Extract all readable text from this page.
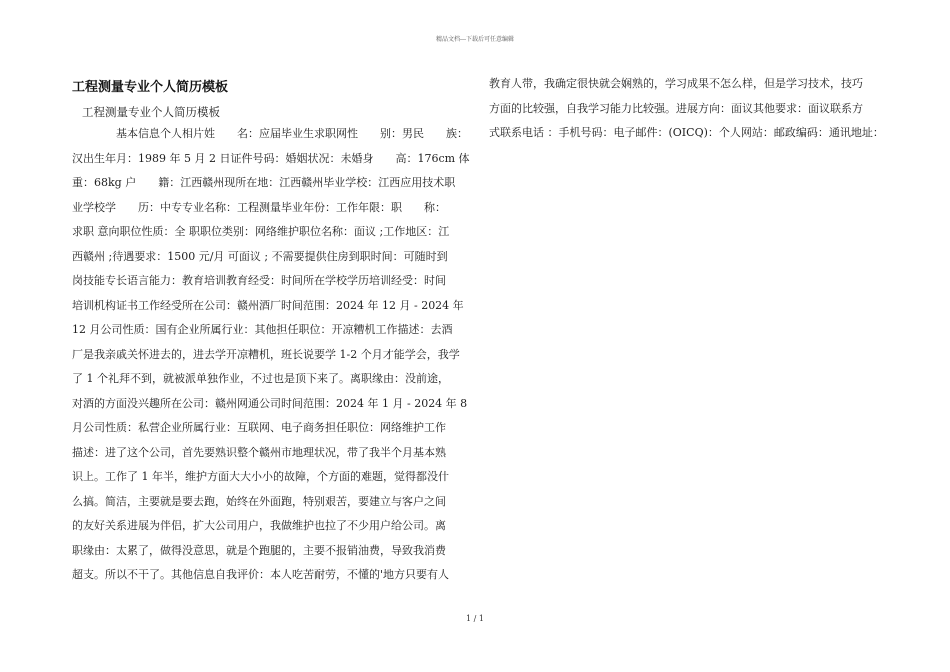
精品文档---下载后可任意编辑
工程测量专业个人简历模板
工程测量专业个人简历模板
　　　　基本信息个人相片姓　　名：应届毕业生求职网性　　别：男民　　族：
汉出生年月：1989 年 5 月 2 日证件号码：婚姻状况：未婚身　　高：176cm 体
重：68kg 户　　籍：江西赣州现所在地：江西赣州毕业学校：江西应用技术职
业学校学　　历：中专专业名称：工程测量毕业年份：工作年限：职　　称：
求职 意向职位性质：全 职职位类别：网络维护职位名称：面议 ;工作地区：江
西赣州 ;待遇要求：1500 元/月 可面议 ; 不需要提供住房到职时间：可随时到
岗技能专长语言能力：教育培训教育经受：时间所在学校学历培训经受：时间
培训机构证书工作经受所在公司：赣州酒厂时间范围：2024 年 12 月 - 2024 年
12 月公司性质：国有企业所属行业：其他担任职位：开凉糟机工作描述：去酒
厂是我亲戚关怀进去的，进去学开凉糟机，班长说要学 1-2 个月才能学会，我学
了 1 个礼拜不到，就被派单独作业，不过也是顶下来了。离职缘由：没前途，
对酒的方面没兴趣所在公司：赣州网通公司时间范围：2024 年 1 月 - 2024 年 8
月公司性质：私营企业所属行业：互联网、电子商务担任职位：网络维护工作
描述：进了这个公司，首先要熟识整个赣州市地理状况，带了我半个月基本熟
识上。工作了 1 年半，维护方面大大小小的故障，个方面的难题，觉得都没什
么搞。简洁，主要就是要去跑，始终在外面跑，特别艰苦，要建立与客户之间
的友好关系进展为伴侣，扩大公司用户，我做维护也拉了不少用户给公司。离
职缘由：太累了，做得没意思，就是个跑腿的，主要不报销油费，导致我消费
超支。所以不干了。其他信息自我评价：本人吃苦耐劳，不懂的'地方只要有人
教育人带，我确定很快就会娴熟的，学习成果不怎么样，但是学习技术，技巧
方面的比较强，自我学习能力比较强。进展方向：面议其他要求：面议联系方
式联系电话 ：手机号码：电子邮件：(OICQ)：个人网站：邮政编码：通讯地址：
1 / 1
